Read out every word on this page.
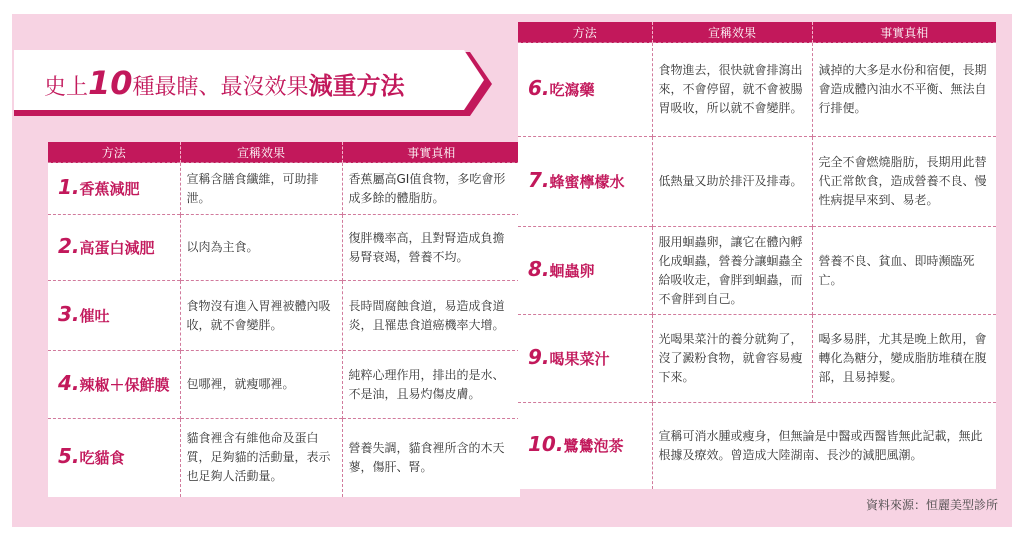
史上10種最瞎、最沒效果減重方法
方法	宣稱效果	事實真相
1.香蕉減肥	宣稱含膳食纖維，可助排泄。	香蕉屬高GI值食物，多吃會形成多餘的體脂肪。
2.高蛋白減肥	以肉為主食。	復胖機率高，且對腎造成負擔易腎衰竭，營養不均。
3.催吐	食物沒有進入胃裡被體內吸收，就不會變胖。	長時間腐蝕食道，易造成食道炎，且罹患食道癌機率大增。
4.辣椒＋保鮮膜	包哪裡，就瘦哪裡。	純粹心理作用，排出的是水、不是油，且易灼傷皮膚。
5.吃貓食	貓食裡含有維他命及蛋白質，足夠貓的活動量，表示也足夠人活動量。	營養失調，貓食裡所含的木天蓼，傷肝、腎。
方法	宣稱效果	事實真相
6.吃瀉藥	食物進去，很快就會排瀉出來，不會停留，就不會被腸胃吸收，所以就不會變胖。	減掉的大多是水份和宿便，長期會造成體內油水不平衡、無法自行排便。
7.蜂蜜檸檬水	低熱量又助於排汗及排毒。	完全不會燃燒脂肪，長期用此替代正常飲食，造成營養不良、慢性病提早來到、易老。
8.蛔蟲卵	服用蛔蟲卵，讓它在體內孵化成蛔蟲，營養分讓蛔蟲全給吸收走，會胖到蛔蟲，而不會胖到自己。	營養不良、貧血、即時瀕臨死亡。
9.喝果菜汁	光喝果菜汁的養分就夠了，沒了澱粉食物，就會容易瘦下來。	喝多易胖，尤其是晚上飲用，會轉化為糖分，變成脂肪堆積在腹部，且易掉髮。
10.鷺鷥泡茶	宣稱可消水腫或瘦身，但無論是中醫或西醫皆無此記載，無此根據及療效。曾造成大陸湖南、長沙的減肥風潮。	
資料來源：恒麗美型診所
